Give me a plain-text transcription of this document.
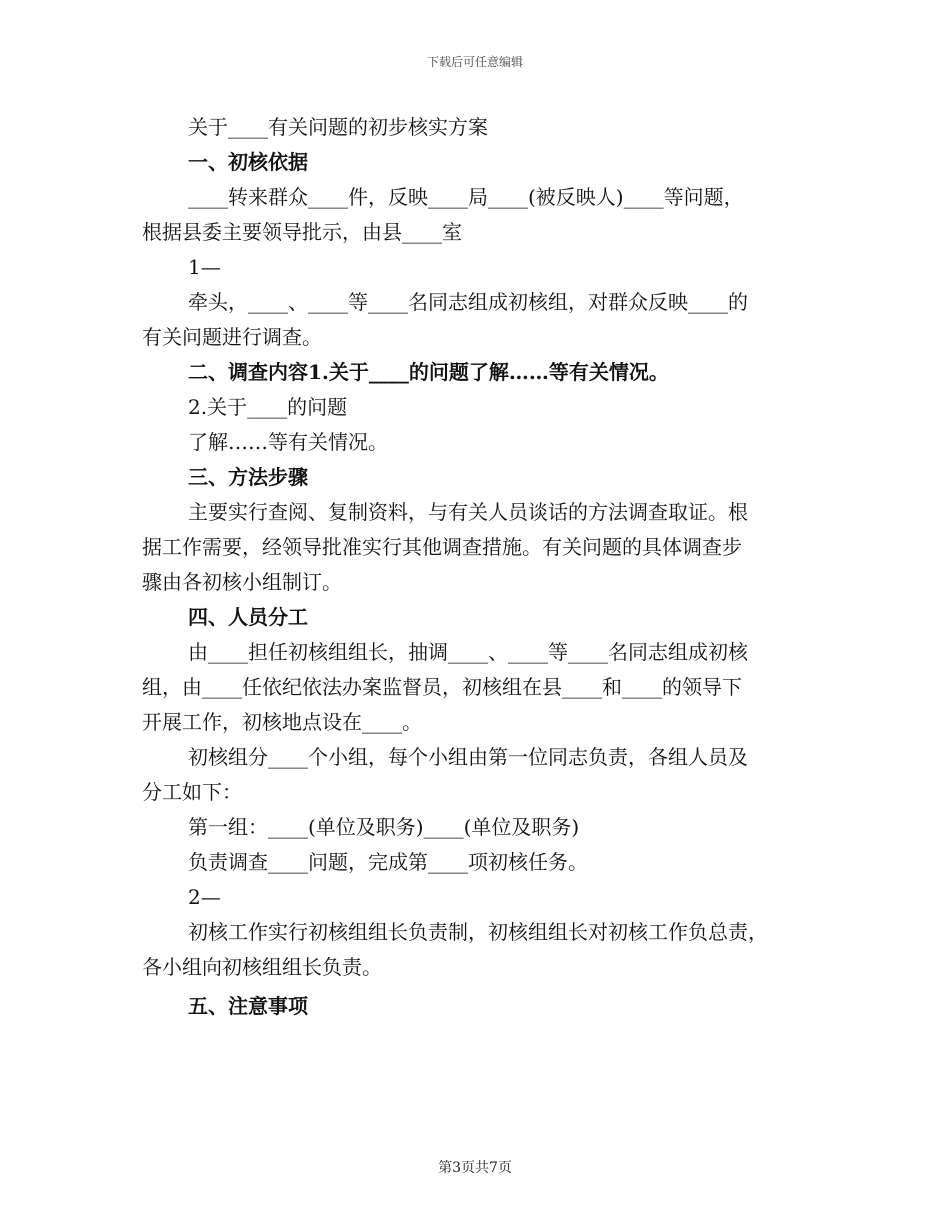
下载后可任意编辑

关于____有关问题的初步核实方案

一、初核依据

____转来群众____件，反映____局____(被反映人)____等问题，

根据县委主要领导批示，由县____室

1—

牵头，____、____等____名同志组成初核组，对群众反映____的

有关问题进行调查。

二、调查内容1.关于____的问题了解……等有关情况。

2.关于____的问题

了解……等有关情况。

三、方法步骤

主要实行查阅、复制资料，与有关人员谈话的方法调查取证。根

据工作需要，经领导批准实行其他调查措施。有关问题的具体调查步

骤由各初核小组制订。

四、人员分工

由____担任初核组组长，抽调____、____等____名同志组成初核

组，由____任依纪依法办案监督员，初核组在县____和____的领导下

开展工作，初核地点设在____。

初核组分____个小组，每个小组由第一位同志负责，各组人员及

分工如下：

第一组：____(单位及职务)____(单位及职务)

负责调查____问题，完成第____项初核任务。

2—

初核工作实行初核组组长负责制，初核组组长对初核工作负总责，

各小组向初核组组长负责。

五、注意事项

第3页共7页
